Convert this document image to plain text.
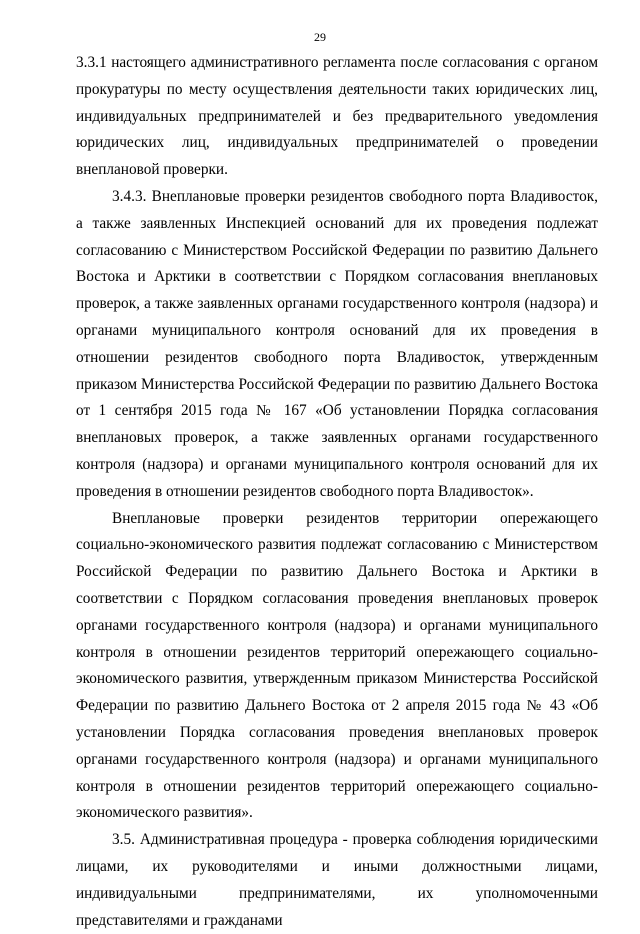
29

3.3.1 настоящего административного регламента после согласования с органом прокуратуры по месту осуществления деятельности таких юридических лиц, индивидуальных предпринимателей и без предварительного уведомления юридических лиц, индивидуальных предпринимателей о проведении внеплановой проверки.

3.4.3. Внеплановые проверки резидентов свободного порта Владивосток, а также заявленных Инспекцией оснований для их проведения подлежат согласованию с Министерством Российской Федерации по развитию Дальнего Востока и Арктики в соответствии с Порядком согласования внеплановых проверок, а также заявленных органами государственного контроля (надзора) и органами муниципального контроля оснований для их проведения в отношении резидентов свободного порта Владивосток, утвержденным приказом Министерства Российской Федерации по развитию Дальнего Востока от 1 сентября 2015 года № 167 «Об установлении Порядка согласования внеплановых проверок, а также заявленных органами государственного контроля (надзора) и органами муниципального контроля оснований для их проведения в отношении резидентов свободного порта Владивосток».

Внеплановые проверки резидентов территории опережающего социально-экономического развития подлежат согласованию с Министерством Российской Федерации по развитию Дальнего Востока и Арктики в соответствии с Порядком согласования проведения внеплановых проверок органами государственного контроля (надзора) и органами муниципального контроля в отношении резидентов территорий опережающего социально-экономического развития, утвержденным приказом Министерства Российской Федерации по развитию Дальнего Востока от 2 апреля 2015 года № 43 «Об установлении Порядка согласования проведения внеплановых проверок органами государственного контроля (надзора) и органами муниципального контроля в отношении резидентов территорий опережающего социально-экономического развития».

3.5. Административная процедура - проверка соблюдения юридическими лицами, их руководителями и иными должностными лицами, индивидуальными предпринимателями, их уполномоченными представителями и гражданами
